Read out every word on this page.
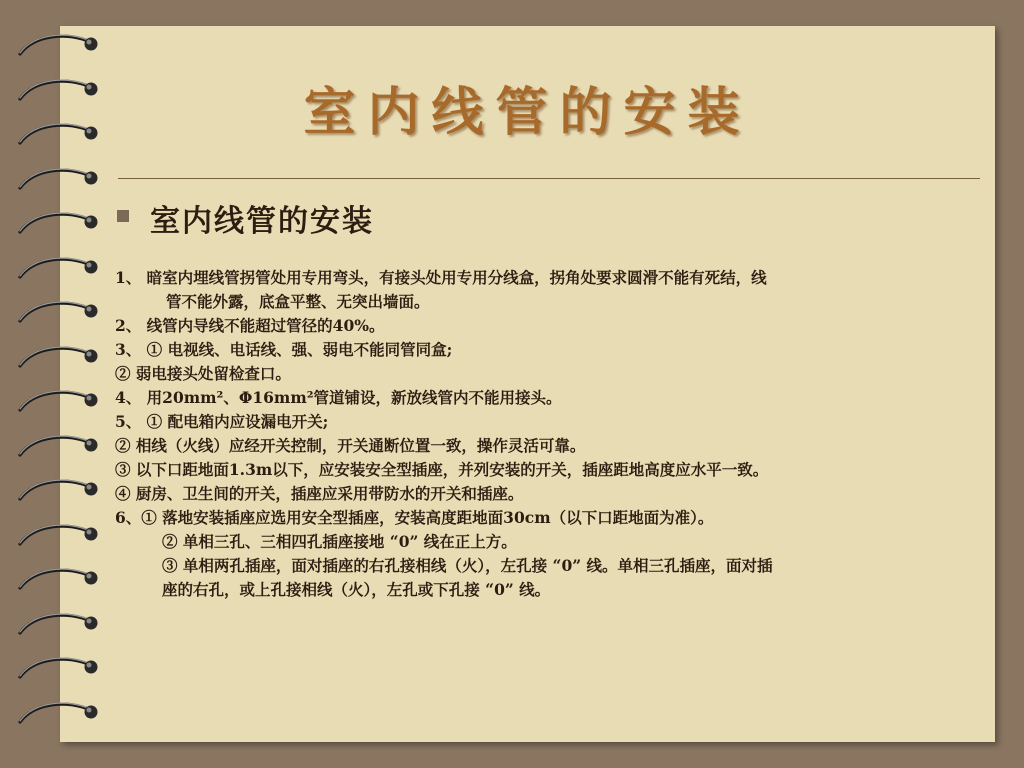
室内线管的安装
室内线管的安装
1、 暗室内埋线管拐管处用专用弯头，有接头处用专用分线盒，拐角处要求圆滑不能有死结，线
管不能外露，底盒平整、无突出墙面。
2、 线管内导线不能超过管径的40%。
3、 ① 电视线、电话线、强、弱电不能同管同盒;
② 弱电接头处留检查口。
4、 用20mm²、Φ16mm²管道铺设，新放线管内不能用接头。
5、 ① 配电箱内应设漏电开关;
② 相线（火线）应经开关控制，开关通断位置一致，操作灵活可靠。
③ 以下口距地面1.3m以下，应安装安全型插座，并列安装的开关，插座距地高度应水平一致。
④ 厨房、卫生间的开关，插座应采用带防水的开关和插座。
6、① 落地安装插座应选用安全型插座，安装高度距地面30cm（以下口距地面为准）。
② 单相三孔、三相四孔插座接地 “0” 线在正上方。
③ 单相两孔插座，面对插座的右孔接相线（火），左孔接 “0” 线。单相三孔插座，面对插
座的右孔，或上孔接相线（火），左孔或下孔接 “0” 线。
